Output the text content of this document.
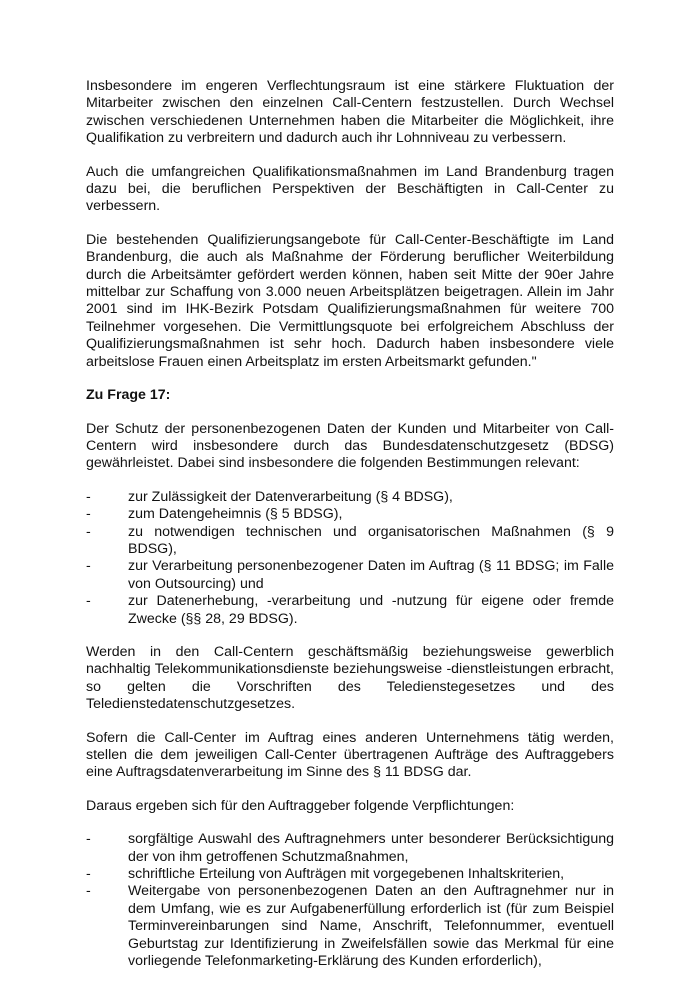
Insbesondere im engeren Verflechtungsraum ist eine stärkere Fluktuation der Mitarbeiter zwischen den einzelnen Call-Centern festzustellen. Durch Wechsel zwischen verschiedenen Unternehmen haben die Mitarbeiter die Möglichkeit, ihre Qualifikation zu verbreitern und dadurch auch ihr Lohnniveau zu verbessern.

Auch die umfangreichen Qualifikationsmaßnahmen im Land Brandenburg tragen dazu bei, die beruflichen Perspektiven der Beschäftigten in Call-Center zu verbessern.

Die bestehenden Qualifizierungsangebote für Call-Center-Beschäftigte im Land Brandenburg, die auch als Maßnahme der Förderung beruflicher Weiterbildung durch die Arbeitsämter gefördert werden können, haben seit Mitte der 90er Jahre mittelbar zur Schaffung von 3.000 neuen Arbeitsplätzen beigetragen. Allein im Jahr 2001 sind im IHK-Bezirk Potsdam Qualifizierungsmaßnahmen für weitere 700 Teilnehmer vorgesehen. Die Vermittlungsquote bei erfolgreichem Abschluss der Qualifizierungsmaßnahmen ist sehr hoch. Dadurch haben insbesondere viele arbeitslose Frauen einen Arbeitsplatz im ersten Arbeitsmarkt gefunden."

Zu Frage 17:

Der Schutz der personenbezogenen Daten der Kunden und Mitarbeiter von Call-Centern wird insbesondere durch das Bundesdatenschutzgesetz (BDSG) gewährleistet. Dabei sind insbesondere die folgenden Bestimmungen relevant:

-	zur Zulässigkeit der Datenverarbeitung (§ 4 BDSG),
-	zum Datengeheimnis (§ 5 BDSG),
-	zu notwendigen technischen und organisatorischen Maßnahmen (§ 9 BDSG),
-	zur Verarbeitung personenbezogener Daten im Auftrag (§ 11 BDSG; im Falle von Outsourcing) und
-	zur Datenerhebung, -verarbeitung und -nutzung für eigene oder fremde Zwecke (§§ 28, 29 BDSG).

Werden in den Call-Centern geschäftsmäßig beziehungsweise gewerblich nachhaltig Telekommunikationsdienste beziehungsweise -dienstleistungen erbracht, so gelten die Vorschriften des Teledienstegesetzes und des Teledienstedatenschutzgesetzes.

Sofern die Call-Center im Auftrag eines anderen Unternehmens tätig werden, stellen die dem jeweiligen Call-Center übertragenen Aufträge des Auftraggebers eine Auftragsdatenverarbeitung im Sinne des § 11 BDSG dar.

Daraus ergeben sich für den Auftraggeber folgende Verpflichtungen:

-	sorgfältige Auswahl des Auftragnehmers unter besonderer Berücksichtigung der von ihm getroffenen Schutzmaßnahmen,
-	schriftliche Erteilung von Aufträgen mit vorgegebenen Inhaltskriterien,
-	Weitergabe von personenbezogenen Daten an den Auftragnehmer nur in dem Umfang, wie es zur Aufgabenerfüllung erforderlich ist (für zum Beispiel Terminvereinbarungen sind Name, Anschrift, Telefonnummer, eventuell Geburtstag zur Identifizierung in Zweifelsfällen sowie das Merkmal für eine vorliegende Telefonmarketing-Erklärung des Kunden erforderlich),
